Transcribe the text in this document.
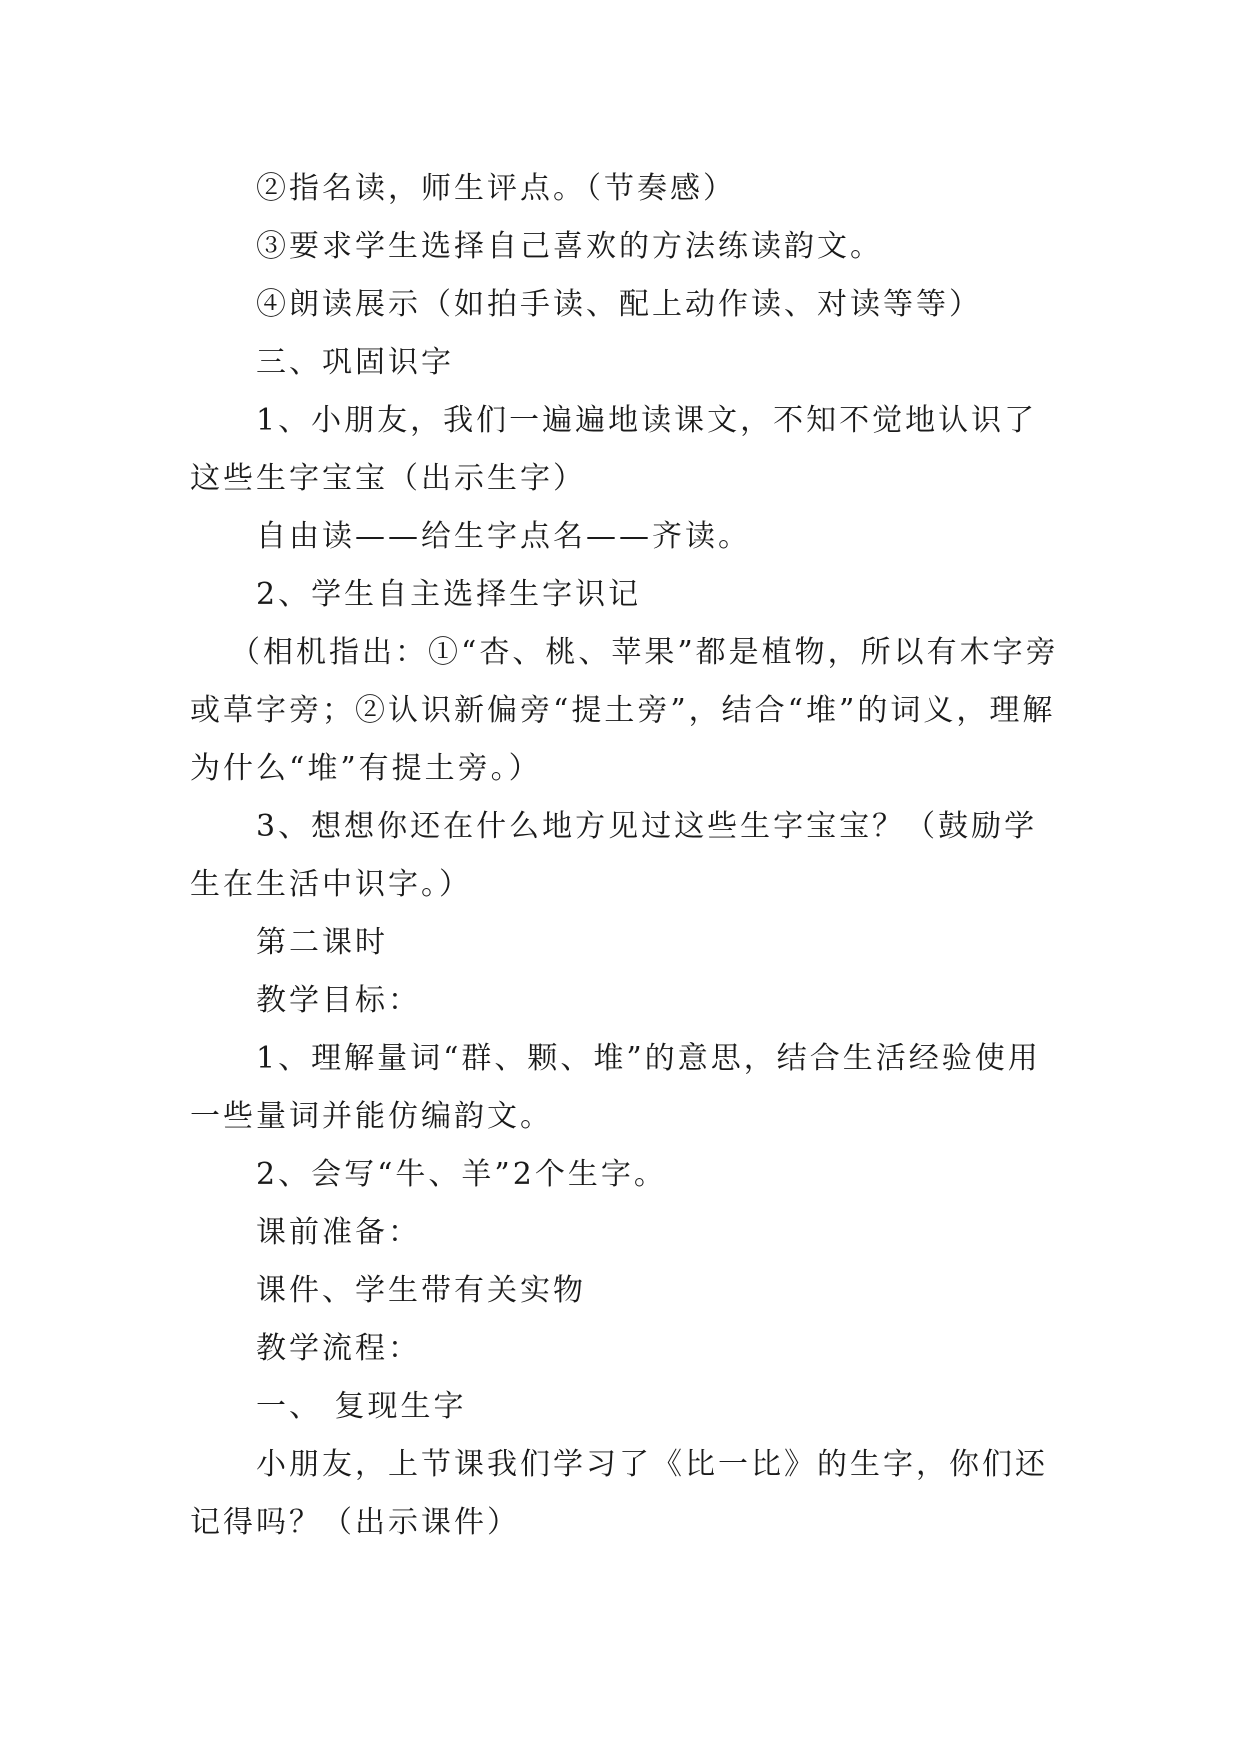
②指名读，师生评点。（节奏感）

③要求学生选择自己喜欢的方法练读韵文。

④朗读展示（如拍手读、配上动作读、对读等等）

三、巩固识字

1、小朋友，我们一遍遍地读课文，不知不觉地认识了这些生字宝宝（出示生字）

自由读——给生字点名——齐读。

2、学生自主选择生字识记

（相机指出：①“杏、桃、苹果”都是植物，所以有木字旁或草字旁；②认识新偏旁“提土旁”，结合“堆”的词义，理解为什么“堆”有提土旁。）

3、想想你还在什么地方见过这些生字宝宝？（鼓励学生在生活中识字。）

第二课时

教学目标：

1、理解量词“群、颗、堆”的意思，结合生活经验使用一些量词并能仿编韵文。

2、会写“牛、羊”2个生字。

课前准备：

课件、学生带有关实物

教学流程：

一、 复现生字

小朋友，上节课我们学习了《比一比》的生字，你们还记得吗？（出示课件）
